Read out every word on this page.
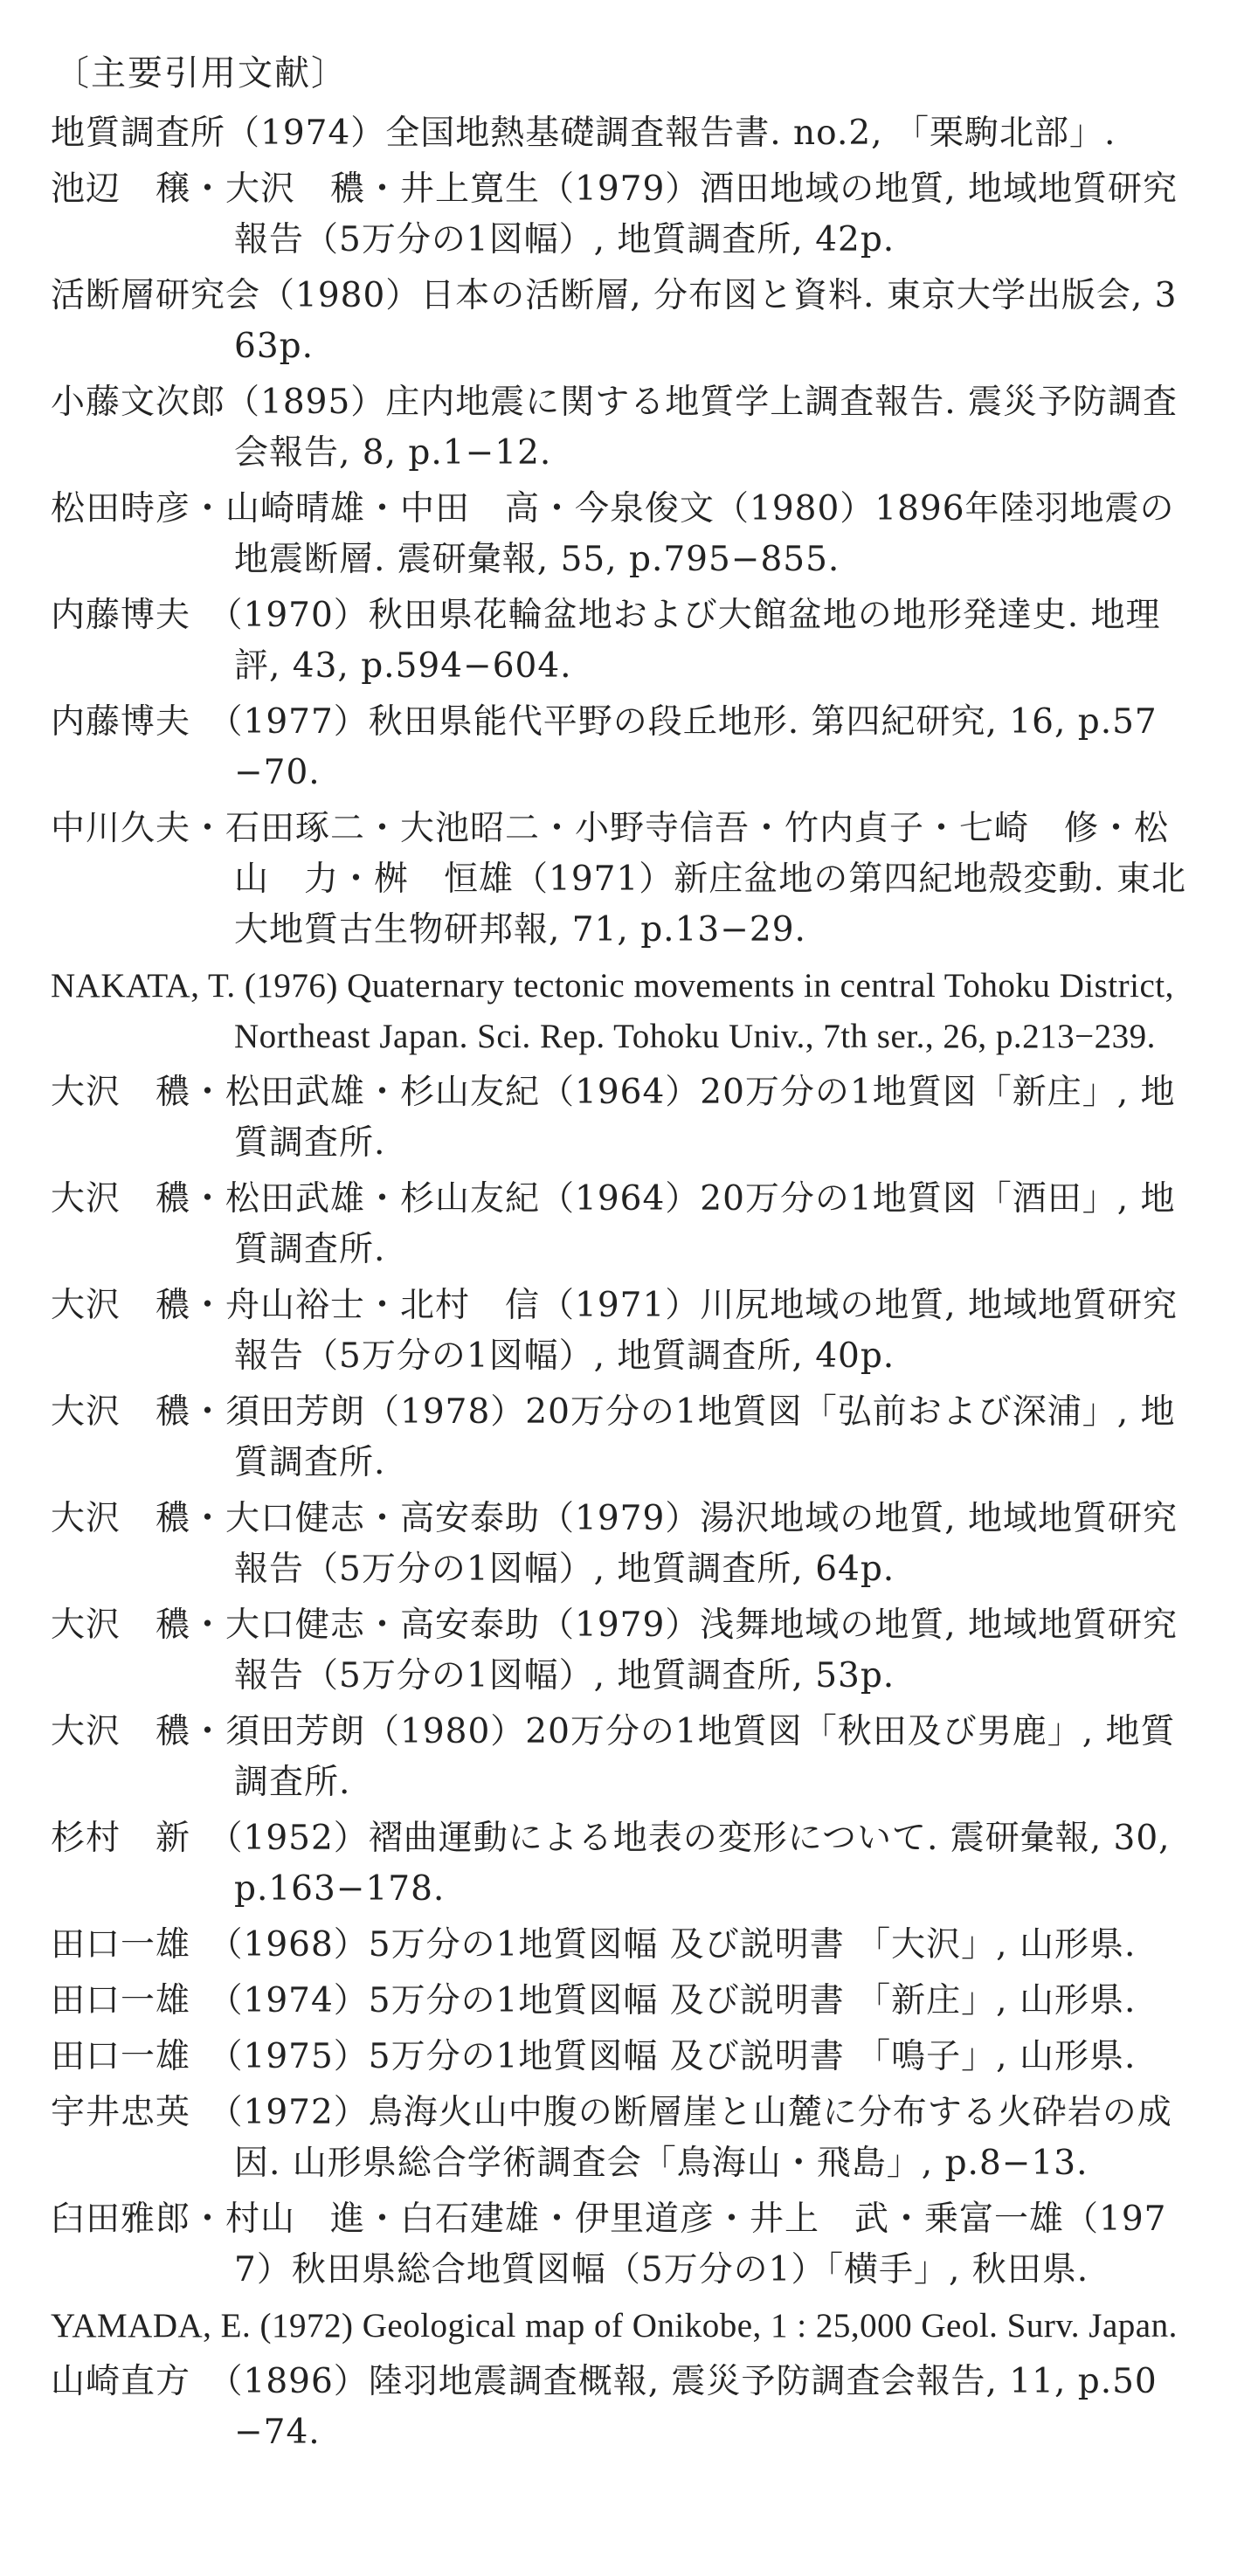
〔主要引用文献〕
地質調査所（1974）全国地熱基礎調査報告書. no.2, 「栗駒北部」.
池辺　穣・大沢　穠・井上寛生（1979）酒田地域の地質, 地域地質研究報告（5万分の1図幅）, 地質調査所, 42p.
活断層研究会（1980）日本の活断層, 分布図と資料. 東京大学出版会, 363p.
小藤文次郎（1895）庄内地震に関する地質学上調査報告. 震災予防調査会報告, 8, p.1−12.
松田時彦・山崎晴雄・中田　高・今泉俊文（1980）1896年陸羽地震の地震断層. 震研彙報, 55, p.795−855.
内藤博夫　（1970）秋田県花輪盆地および大館盆地の地形発達史. 地理評, 43, p.594−604.
内藤博夫　（1977）秋田県能代平野の段丘地形. 第四紀研究, 16, p.57−70.
中川久夫・石田琢二・大池昭二・小野寺信吾・竹内貞子・七崎　修・松山　力・桝　恒雄（1971）新庄盆地の第四紀地殻変動. 東北大地質古生物研邦報, 71, p.13−29.
NAKATA, T. (1976) Quaternary tectonic movements in central Tohoku District, Northeast Japan. Sci. Rep. Tohoku Univ., 7th ser., 26, p.213−239.
大沢　穠・松田武雄・杉山友紀（1964）20万分の1地質図「新庄」, 地質調査所.
大沢　穠・松田武雄・杉山友紀（1964）20万分の1地質図「酒田」, 地質調査所.
大沢　穠・舟山裕士・北村　信（1971）川尻地域の地質, 地域地質研究報告（5万分の1図幅）, 地質調査所, 40p.
大沢　穠・須田芳朗（1978）20万分の1地質図「弘前および深浦」, 地質調査所.
大沢　穠・大口健志・高安泰助（1979）湯沢地域の地質, 地域地質研究報告（5万分の1図幅）, 地質調査所, 64p.
大沢　穠・大口健志・高安泰助（1979）浅舞地域の地質, 地域地質研究報告（5万分の1図幅）, 地質調査所, 53p.
大沢　穠・須田芳朗（1980）20万分の1地質図「秋田及び男鹿」, 地質調査所.
杉村　新　（1952）褶曲運動による地表の変形について. 震研彙報, 30, p.163−178.
田口一雄　（1968）5万分の1地質図幅 及び説明書 「大沢」, 山形県.
田口一雄　（1974）5万分の1地質図幅 及び説明書 「新庄」, 山形県.
田口一雄　（1975）5万分の1地質図幅 及び説明書 「鳴子」, 山形県.
宇井忠英　（1972）鳥海火山中腹の断層崖と山麓に分布する火砕岩の成因. 山形県総合学術調査会「鳥海山・飛島」, p.8−13.
臼田雅郎・村山　進・白石建雄・伊里道彦・井上　武・乗富一雄（1977）秋田県総合地質図幅（5万分の1）「横手」, 秋田県.
YAMADA, E. (1972) Geological map of Onikobe, 1 : 25,000 Geol. Surv. Japan.
山崎直方　（1896）陸羽地震調査概報, 震災予防調査会報告, 11, p.50−74.
